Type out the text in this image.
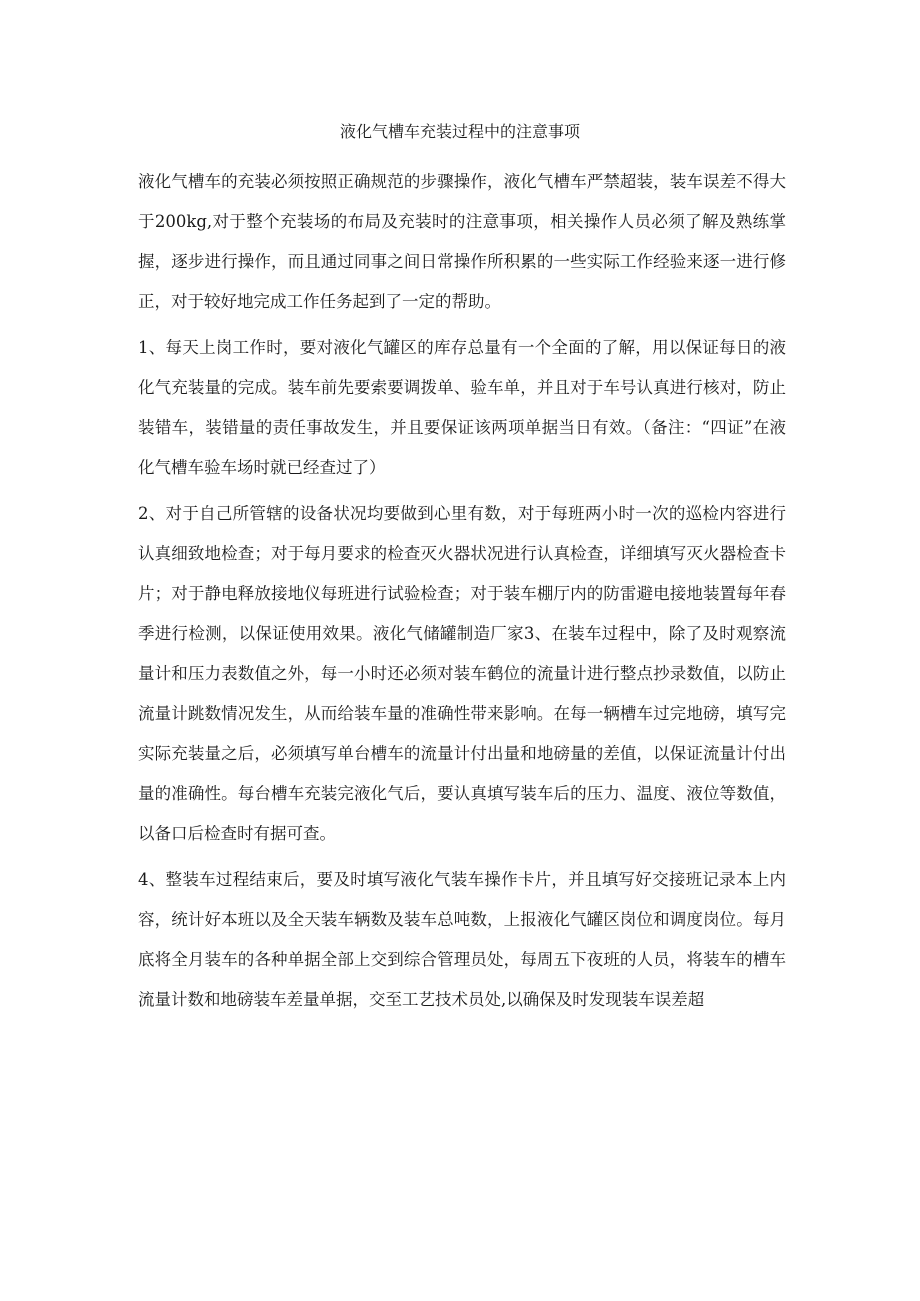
液化气槽车充装过程中的注意事项

液化气槽车的充装必须按照正确规范的步骤操作，液化气槽车严禁超装，装车误差不得大于200kg,对于整个充装场的布局及充装时的注意事项，相关操作人员必须了解及熟练掌握，逐步进行操作，而且通过同事之间日常操作所积累的一些实际工作经验来逐一进行修正，对于较好地完成工作任务起到了一定的帮助。

1、每天上岗工作时，要对液化气罐区的库存总量有一个全面的了解，用以保证每日的液化气充装量的完成。装车前先要索要调拨单、验车单，并且对于车号认真进行核对，防止装错车，装错量的责任事故发生，并且要保证该两项单据当日有效。（备注：“四证”在液化气槽车验车场时就已经查过了）

2、对于自己所管辖的设备状况均要做到心里有数，对于每班两小时一次的巡检内容进行认真细致地检查；对于每月要求的检查灭火器状况进行认真检查，详细填写灭火器检查卡片；对于静电释放接地仪每班进行试验检查；对于装车棚厅内的防雷避电接地装置每年春季进行检测，以保证使用效果。液化气储罐制造厂家3、在装车过程中，除了及时观察流量计和压力表数值之外，每一小时还必须对装车鹤位的流量计进行整点抄录数值，以防止流量计跳数情况发生，从而给装车量的准确性带来影响。在每一辆槽车过完地磅，填写完实际充装量之后，必须填写单台槽车的流量计付出量和地磅量的差值，以保证流量计付出量的准确性。每台槽车充装完液化气后，要认真填写装车后的压力、温度、液位等数值，以备口后检查时有据可查。

4、整装车过程结束后，要及时填写液化气装车操作卡片，并且填写好交接班记录本上内容，统计好本班以及全天装车辆数及装车总吨数，上报液化气罐区岗位和调度岗位。每月底将全月装车的各种单据全部上交到综合管理员处，每周五下夜班的人员，将装车的槽车流量计数和地磅装车差量单据，交至工艺技术员处,以确保及时发现装车误差超
